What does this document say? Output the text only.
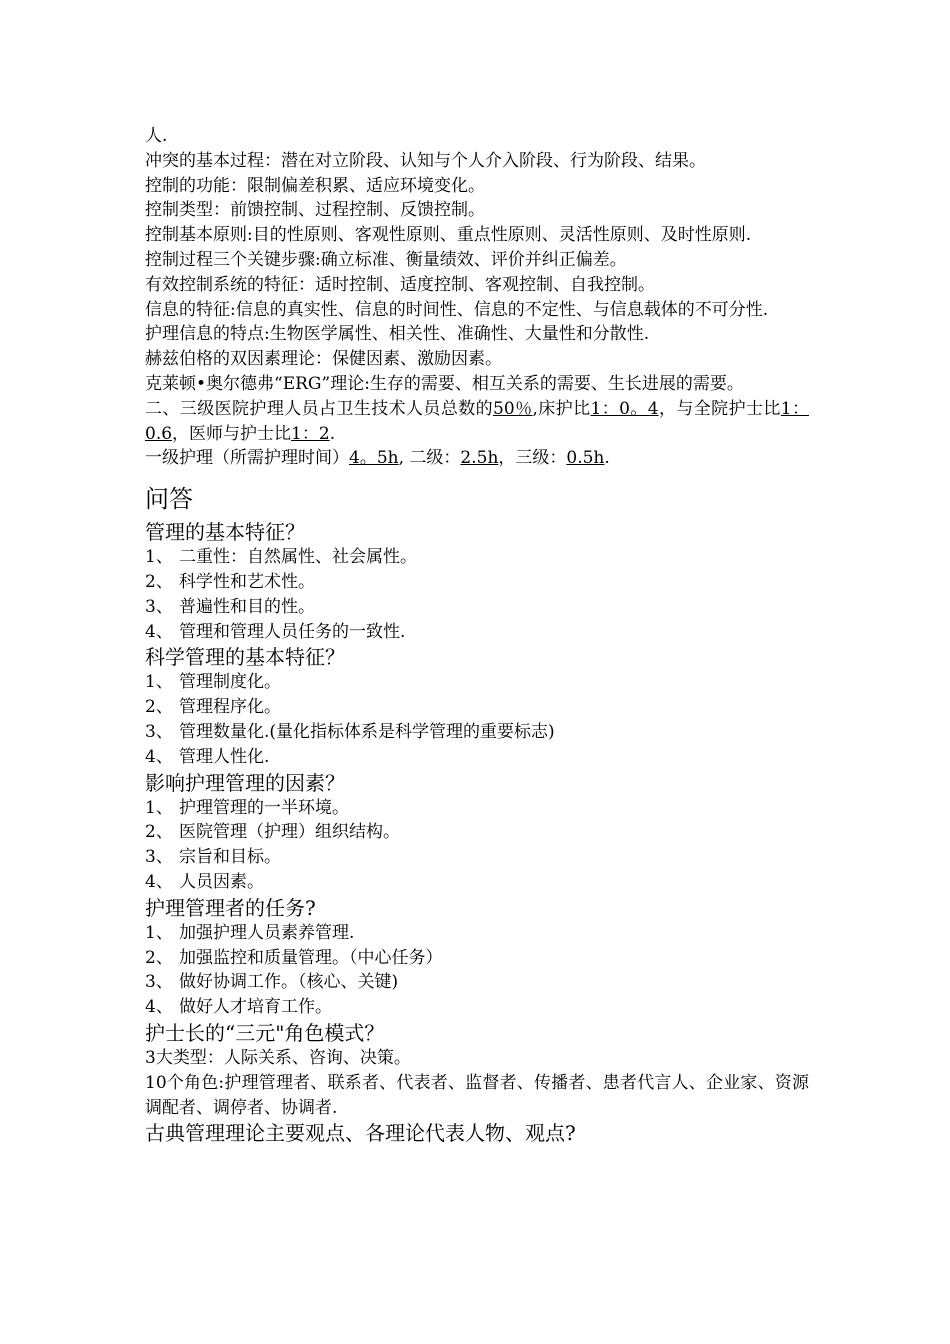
人.

冲突的基本过程：潜在对立阶段、认知与个人介入阶段、行为阶段、结果。

控制的功能：限制偏差积累、适应环境变化。

控制类型：前馈控制、过程控制、反馈控制。

控制基本原则:目的性原则、客观性原则、重点性原则、灵活性原则、及时性原则.

控制过程三个关键步骤:确立标准、衡量绩效、评价并纠正偏差。

有效控制系统的特征：适时控制、适度控制、客观控制、自我控制。

信息的特征:信息的真实性、信息的时间性、信息的不定性、与信息载体的不可分性.

护理信息的特点:生物医学属性、相关性、准确性、大量性和分散性.

赫兹伯格的双因素理论：保健因素、激励因素。

克莱顿•奥尔德弗“ERG”理论:生存的需要、相互关系的需要、生长进展的需要。

二、三级医院护理人员占卫生技术人员总数的50％,床护比1：0。4，与全院护士比1：0.6，医师与护士比1：2.

一级护理（所需护理时间）4。5h, 二级：2.5h，三级：0.5h.

问答
管理的基本特征？

1、 二重性：自然属性、社会属性。

2、 科学性和艺术性。

3、 普遍性和目的性。

4、 管理和管理人员任务的一致性.

科学管理的基本特征？

1、 管理制度化。

2、 管理程序化。

3、 管理数量化.(量化指标体系是科学管理的重要标志)

4、 管理人性化.

影响护理管理的因素？

1、 护理管理的一半环境。

2、 医院管理（护理）组织结构。

3、 宗旨和目标。

4、 人员因素。

护理管理者的任务?

1、 加强护理人员素养管理.

2、 加强监控和质量管理。（中心任务）

3、 做好协调工作。（核心、关键)

4、 做好人才培育工作。

护士长的“三元"角色模式？

3大类型：人际关系、咨询、决策。

10个角色:护理管理者、联系者、代表者、监督者、传播者、患者代言人、企业家、资源调配者、调停者、协调者.

古典管理理论主要观点、各理论代表人物、观点?
